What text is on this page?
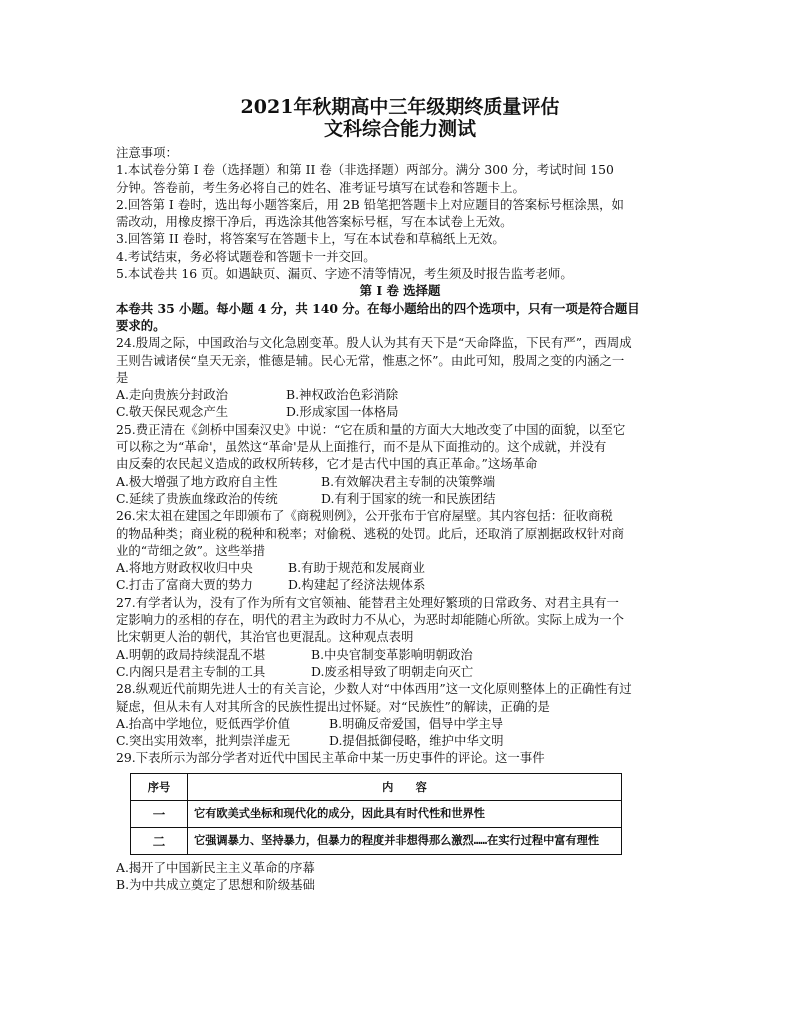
2021年秋期高中三年级期终质量评估
文科综合能力测试
注意事项：
1.本试卷分第 I 卷（选择题）和第 II 卷（非选择题）两部分。满分 300 分，考试时间 150
分钟。答卷前，考生务必将自己的姓名、准考证号填写在试卷和答题卡上。
2.回答第 I 卷时，选出每小题答案后，用 2B 铅笔把答题卡上对应题目的答案标号框涂黑，如
需改动，用橡皮擦干净后，再选涂其他答案标号框，写在本试卷上无效。
3.回答第 II 卷时，将答案写在答题卡上，写在本试卷和草稿纸上无效。
4.考试结束，务必将试题卷和答题卡一并交回。
5.本试卷共 16 页。如遇缺页、漏页、字迹不清等情况，考生须及时报告监考老师。
第 I 卷 选择题
本卷共 35 小题。每小题 4 分，共 140 分。在每小题给出的四个选项中，只有一项是符合题目
要求的。
24.殷周之际，中国政治与文化急剧变革。殷人认为其有天下是“天命降监，下民有严”，西周成
王则告诫诸侯“皇天无亲，惟德是辅。民心无常，惟惠之怀”。由此可知，殷周之变的内涵之一
是
A.走向贵族分封政治	B.神权政治色彩消除
C.敬天保民观念产生	D.形成家国一体格局
25.费正清在《剑桥中国秦汉史》中说：“它在质和量的方面大大地改变了中国的面貌，以至它
可以称之为“革命'，虽然这“革命'是从上面推行，而不是从下面推动的。这个成就，并没有
由反秦的农民起义造成的政权所转移，它才是古代中国的真正革命。”这场革命
A.极大增强了地方政府自主性	B.有效解决君主专制的决策弊端
C.延续了贵族血缘政治的传统	D.有利于国家的统一和民族团结
26.宋太祖在建国之年即颁布了《商税则例》，公开张布于官府屋壁。其内容包括：征收商税
的物品种类；商业税的税种和税率；对偷税、逃税的处罚。此后，还取消了原割据政权针对商
业的“苛细之敛”。这些举措
A.将地方财政权收归中央	B.有助于规范和发展商业
C.打击了富商大贾的势力	D.构建起了经济法规体系
27.有学者认为，没有了作为所有文官领袖、能替君主处理好繁琐的日常政务、对君主具有一
定影响力的丞相的存在，明代的君主为政时力不从心，为恶时却能随心所欲。实际上成为一个
比宋朝更人治的朝代，其治官也更混乱。这种观点表明
A.明朝的政局持续混乱不堪	B.中央官制变革影响明朝政治
C.内阁只是君主专制的工具	D.废丞相导致了明朝走向灭亡
28.纵观近代前期先进人士的有关言论，少数人对“中体西用”这一文化原则整体上的正确性有过
疑虑，但从未有人对其所含的民族性提出过怀疑。对“民族性”的解读，正确的是
A.抬高中学地位，贬低西学价值	B.明确反帝爱国，倡导中学主导
C.突出实用效率，批判崇洋虚无	D.提倡抵御侵略，维护中华文明
29.下表所示为部分学者对近代中国民主革命中某一历史事件的评论。这一事件
序号	内　　容
一	它有欧美式坐标和现代化的成分，因此具有时代性和世界性
二	它强调暴力、坚持暴力，但暴力的程度并非想得那么激烈……在实行过程中富有理性
A.揭开了中国新民主主义革命的序幕
B.为中共成立奠定了思想和阶级基础
